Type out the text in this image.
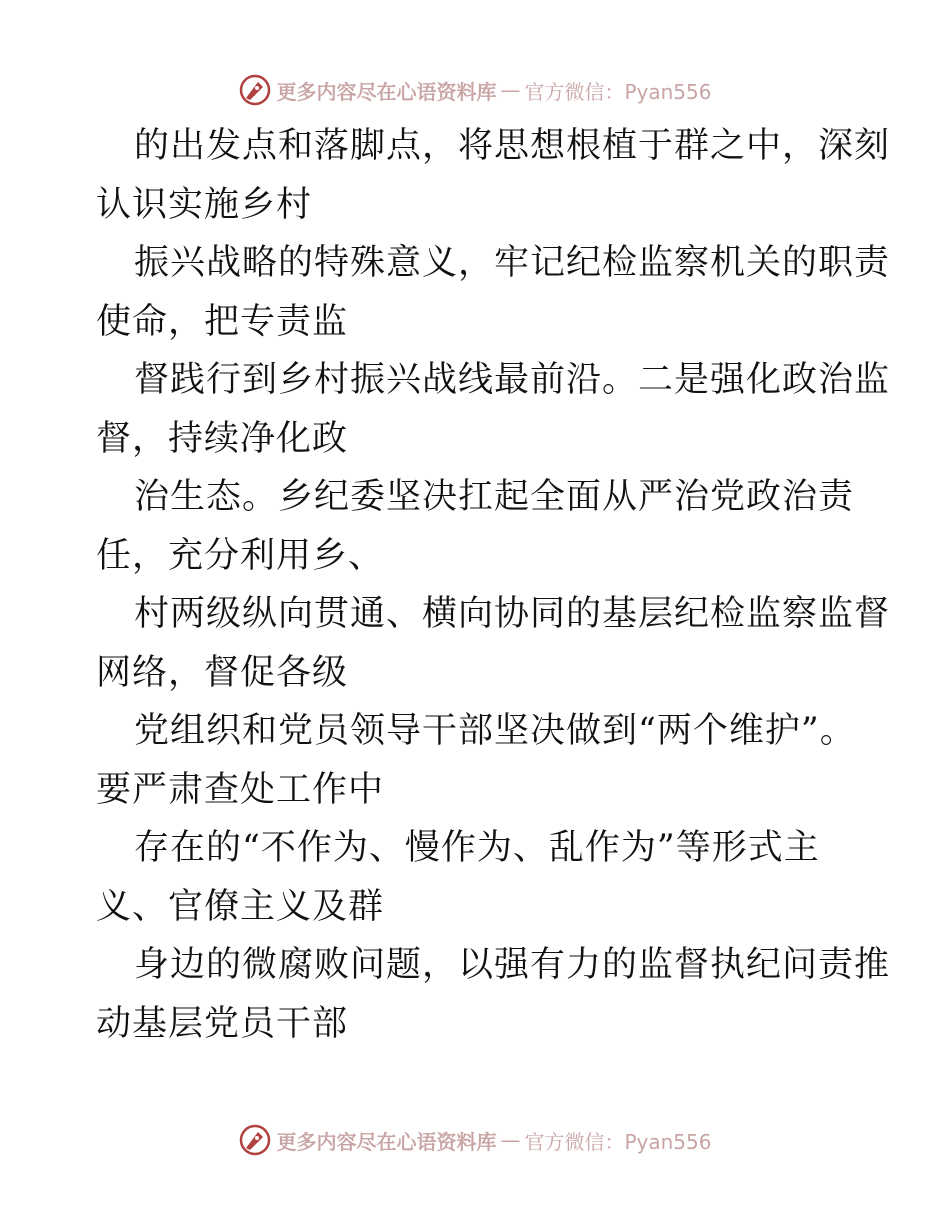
更多内容尽在心语资料库 — 官方微信：Pyan556
的出发点和落脚点，将思想根植于群之中，深刻
认识实施乡村
振兴战略的特殊意义，牢记纪检监察机关的职责
使命，把专责监
督践行到乡村振兴战线最前沿。二是强化政治监
督，持续净化政
治生态。乡纪委坚决扛起全面从严治党政治责
任，充分利用乡、
村两级纵向贯通、横向协同的基层纪检监察监督
网络，督促各级
党组织和党员领导干部坚决做到“两个维护”。
要严肃查处工作中
存在的“不作为、慢作为、乱作为”等形式主
义、官僚主义及群
身边的微腐败问题，以强有力的监督执纪问责推
动基层党员干部
更多内容尽在心语资料库 — 官方微信：Pyan556
